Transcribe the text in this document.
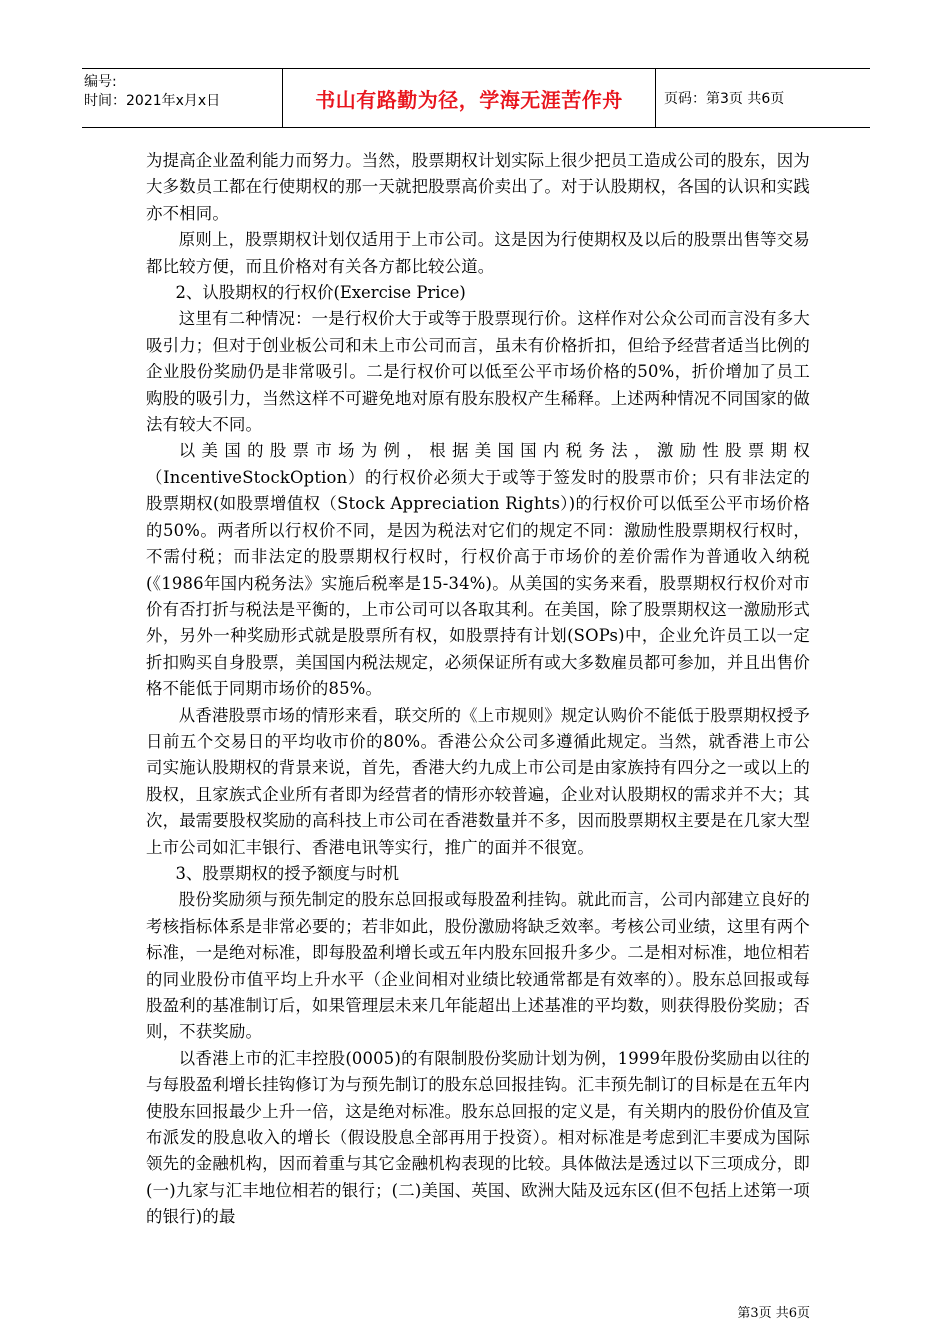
编号:
时间：2021年x月x日	书山有路勤为径，学海无涯苦作舟	页码：第3页 共6页

为提高企业盈利能力而努力。当然，股票期权计划实际上很少把员工造成公司的股东，因为大多数员工都在行使期权的那一天就把股票高价卖出了。对于认股期权，各国的认识和实践亦不相同。

原则上，股票期权计划仅适用于上市公司。这是因为行使期权及以后的股票出售等交易都比较方便，而且价格对有关各方都比较公道。

2、认股期权的行权价(Exercise Price)

这里有二种情况：一是行权价大于或等于股票现行价。这样作对公众公司而言没有多大吸引力；但对于创业板公司和未上市公司而言，虽未有价格折扣，但给予经营者适当比例的企业股份奖励仍是非常吸引。二是行权价可以低至公平市场价格的50%，折价增加了员工购股的吸引力，当然这样不可避免地对原有股东股权产生稀释。上述两种情况不同国家的做法有较大不同。

以美国的股票市场为例，根据美国国内税务法，激励性股票期权（IncentiveStockOption）的行权价必须大于或等于签发时的股票市价；只有非法定的股票期权(如股票增值权（Stock Appreciation Rights）)的行权价可以低至公平市场价格的50%。两者所以行权价不同，是因为税法对它们的规定不同：激励性股票期权行权时，不需付税；而非法定的股票期权行权时，行权价高于市场价的差价需作为普通收入纳税(《1986年国内税务法》实施后税率是15-34%)。从美国的实务来看，股票期权行权价对市价有否打折与税法是平衡的，上市公司可以各取其利。在美国，除了股票期权这一激励形式外，另外一种奖励形式就是股票所有权，如股票持有计划(SOPs)中，企业允许员工以一定折扣购买自身股票，美国国内税法规定，必须保证所有或大多数雇员都可参加，并且出售价格不能低于同期市场价的85%。

从香港股票市场的情形来看，联交所的《上市规则》规定认购价不能低于股票期权授予日前五个交易日的平均收市价的80%。香港公众公司多遵循此规定。当然，就香港上市公司实施认股期权的背景来说，首先，香港大约九成上市公司是由家族持有四分之一或以上的股权，且家族式企业所有者即为经营者的情形亦较普遍，企业对认股期权的需求并不大；其次，最需要股权奖励的高科技上市公司在香港数量并不多，因而股票期权主要是在几家大型上市公司如汇丰银行、香港电讯等实行，推广的面并不很宽。

3、股票期权的授予额度与时机

股份奖励须与预先制定的股东总回报或每股盈利挂钩。就此而言，公司内部建立良好的考核指标体系是非常必要的；若非如此，股份激励将缺乏效率。考核公司业绩，这里有两个标准，一是绝对标准，即每股盈利增长或五年内股东回报升多少。二是相对标准，地位相若的同业股份市值平均上升水平（企业间相对业绩比较通常都是有效率的）。股东总回报或每股盈利的基准制订后，如果管理层未来几年能超出上述基准的平均数，则获得股份奖励；否则，不获奖励。

以香港上市的汇丰控股(0005)的有限制股份奖励计划为例，1999年股份奖励由以往的与每股盈利增长挂钩修订为与预先制订的股东总回报挂钩。汇丰预先制订的目标是在五年内使股东回报最少上升一倍，这是绝对标准。股东总回报的定义是，有关期内的股份价值及宣布派发的股息收入的增长（假设股息全部再用于投资）。相对标准是考虑到汇丰要成为国际领先的金融机构，因而着重与其它金融机构表现的比较。具体做法是透过以下三项成分，即(一)九家与汇丰地位相若的银行；(二)美国、英国、欧洲大陆及远东区(但不包括上述第一项的银行)的最

第3页 共6页
